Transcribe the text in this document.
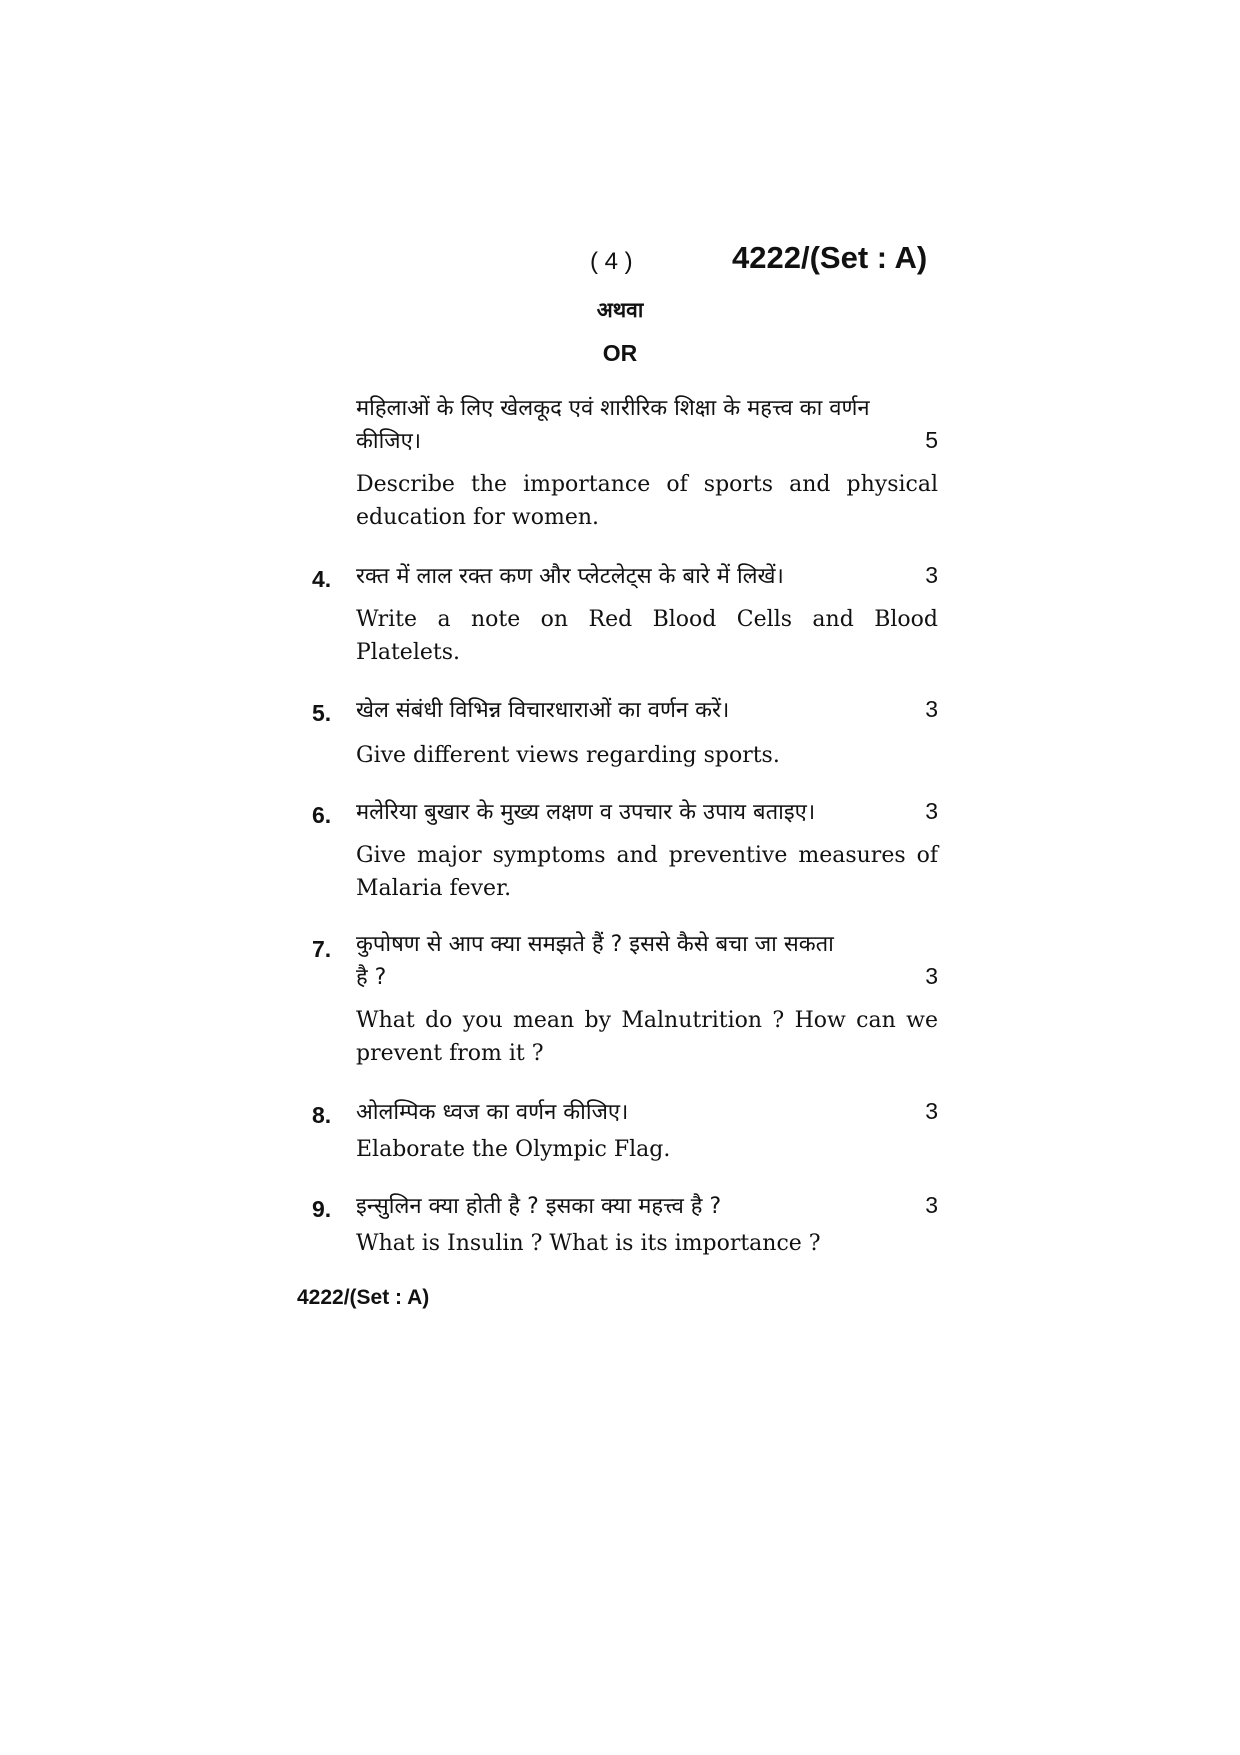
( 4 )	4222/(Set : A)
अथवा
OR
महिलाओं के लिए खेलकूद एवं शारीरिक शिक्षा के महत्त्व का वर्णन
कीजिए।	5
Describe the importance of sports and physical education for women.
4.	रक्त में लाल रक्त कण और प्लेटलेट्स के बारे में लिखें।	3
Write a note on Red Blood Cells and Blood Platelets.
5.	खेल संबंधी विभिन्न विचारधाराओं का वर्णन करें।	3
Give different views regarding sports.
6.	मलेरिया बुखार के मुख्य लक्षण व उपचार के उपाय बताइए।	3
Give major symptoms and preventive measures of Malaria fever.
7.	कुपोषण से आप क्या समझते हैं ? इससे कैसे बचा जा सकता
है ?	3
What do you mean by Malnutrition ? How can we prevent from it ?
8.	ओलम्पिक ध्वज का वर्णन कीजिए।	3
Elaborate the Olympic Flag.
9.	इन्सुलिन क्या होती है ? इसका क्या महत्त्व है ?	3
What is Insulin ? What is its importance ?
4222/(Set : A)
